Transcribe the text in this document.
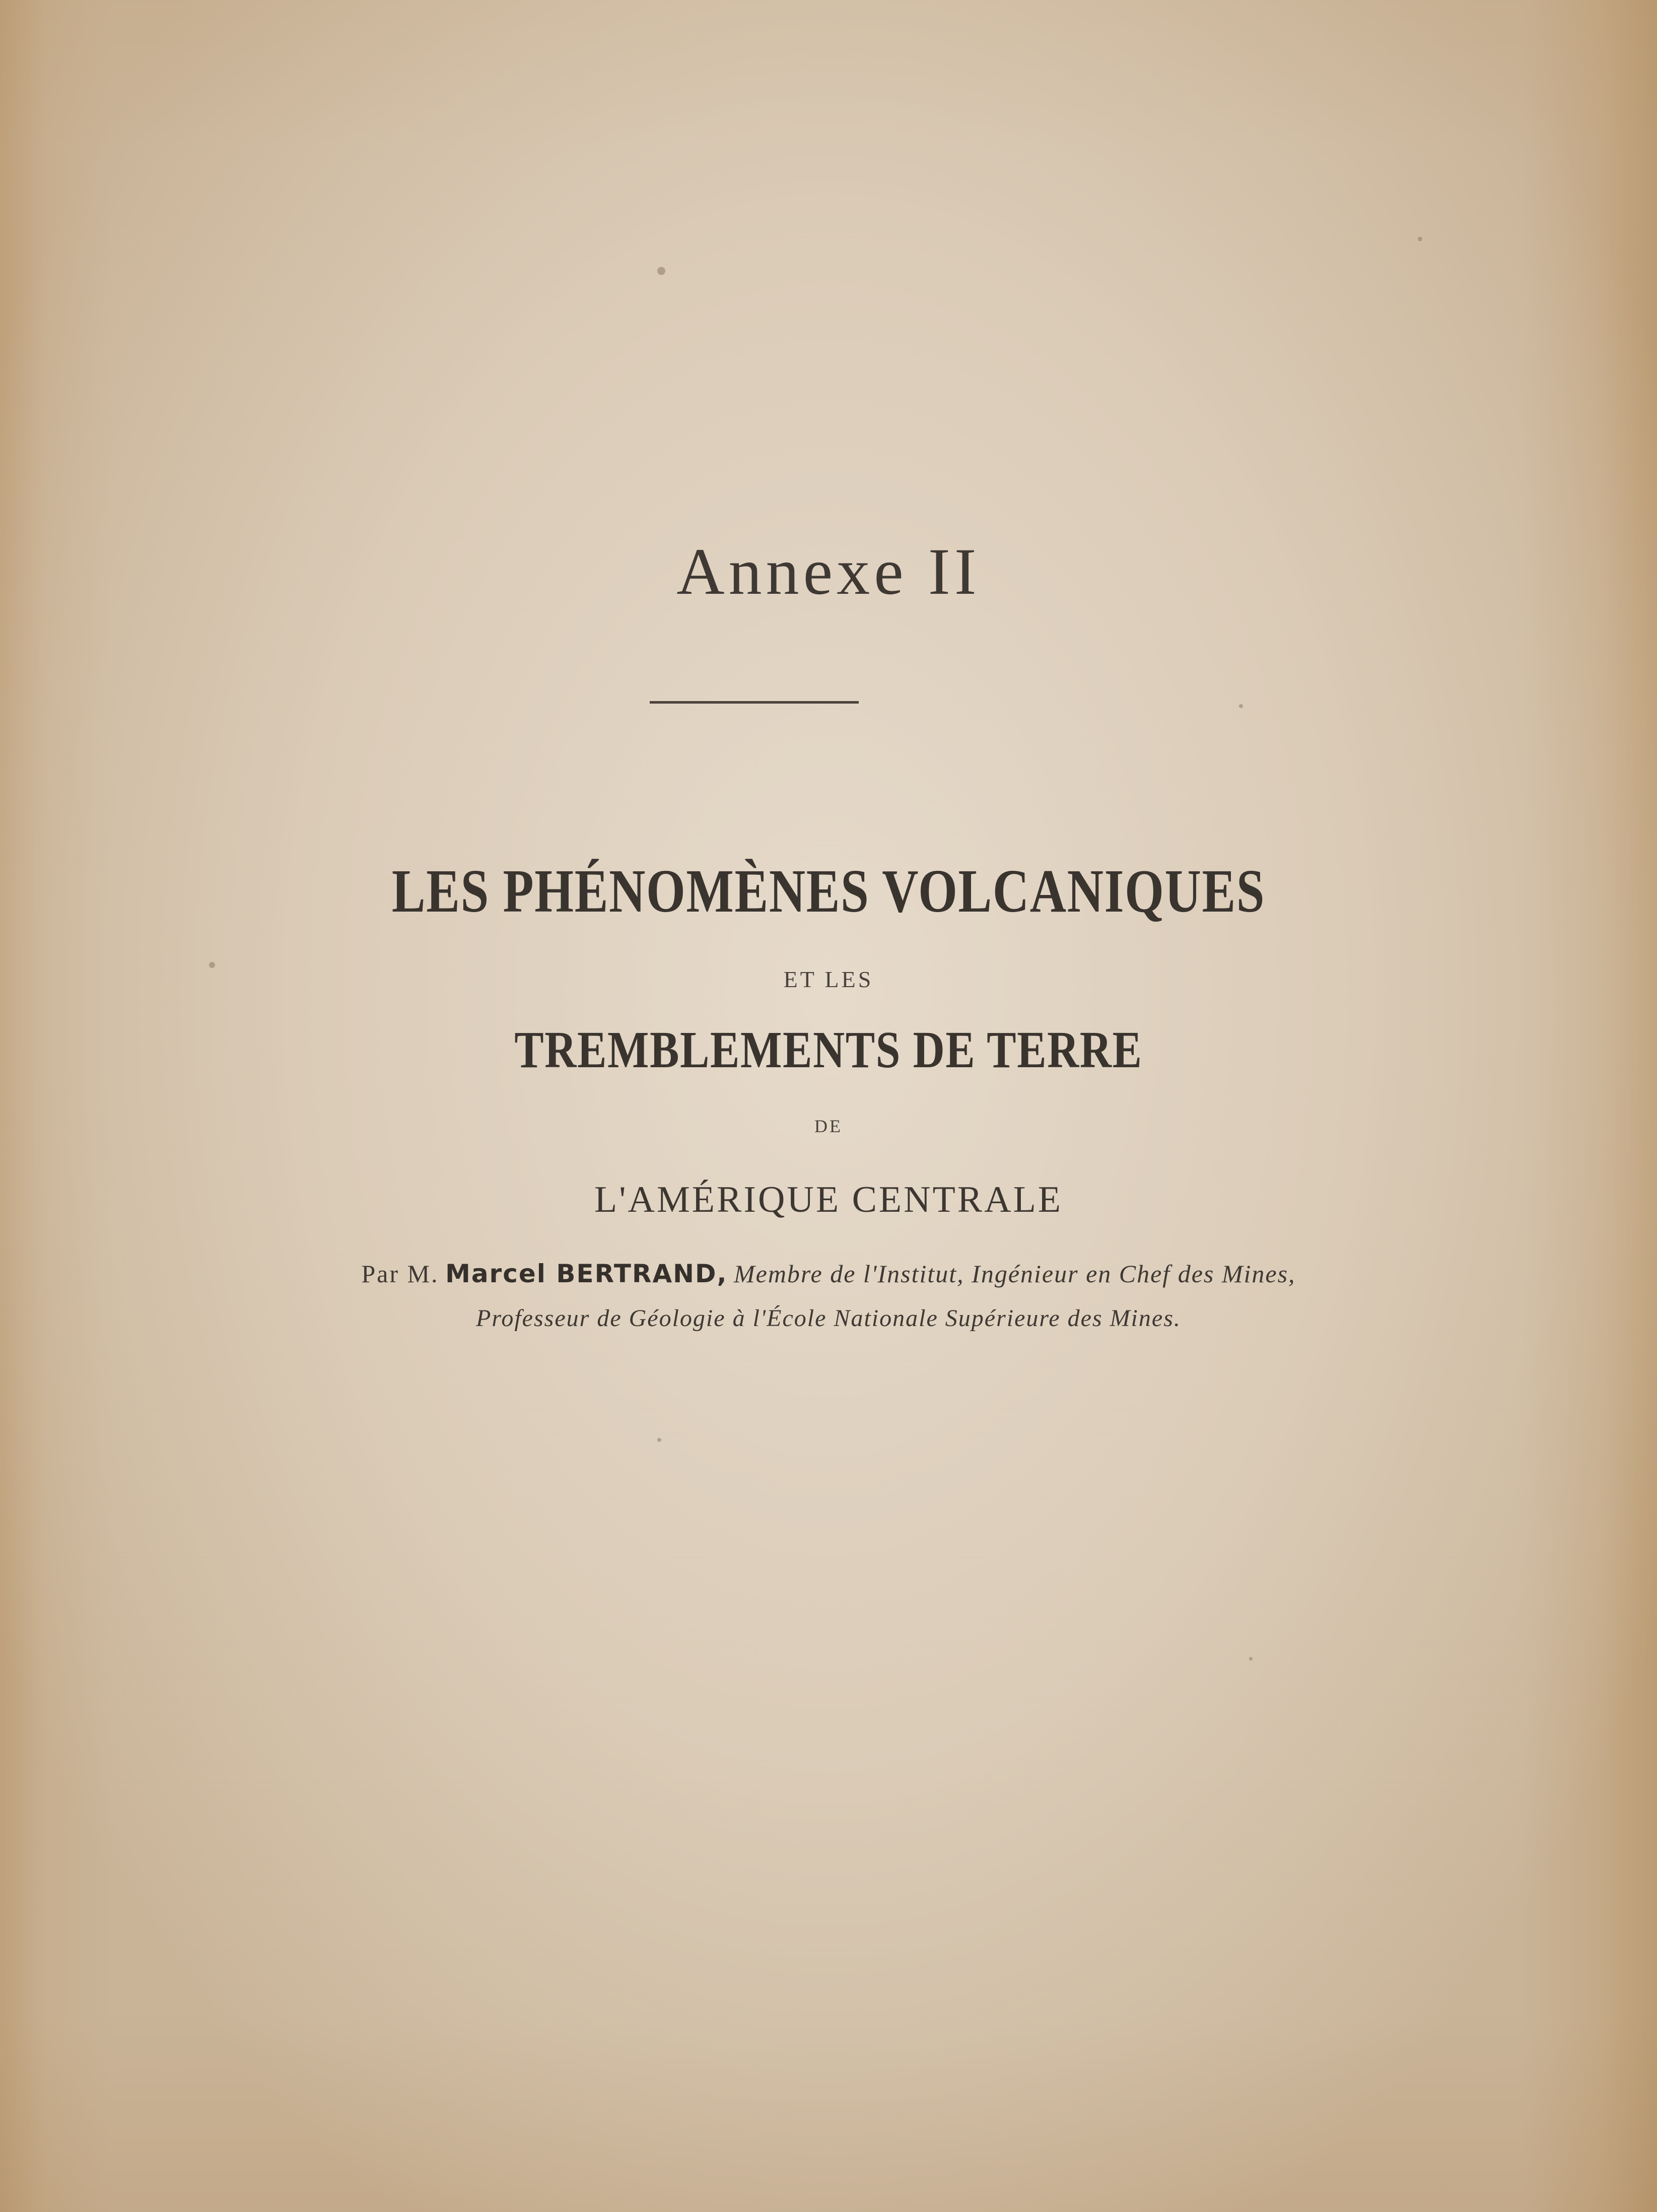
Annexe II
LES PHÉNOMÈNES VOLCANIQUES
ET LES
TREMBLEMENTS DE TERRE
DE
L'AMÉRIQUE CENTRALE
Par M. Marcel BERTRAND, Membre de l'Institut, Ingénieur en Chef des Mines,
Professeur de Géologie à l'École Nationale Supérieure des Mines.
